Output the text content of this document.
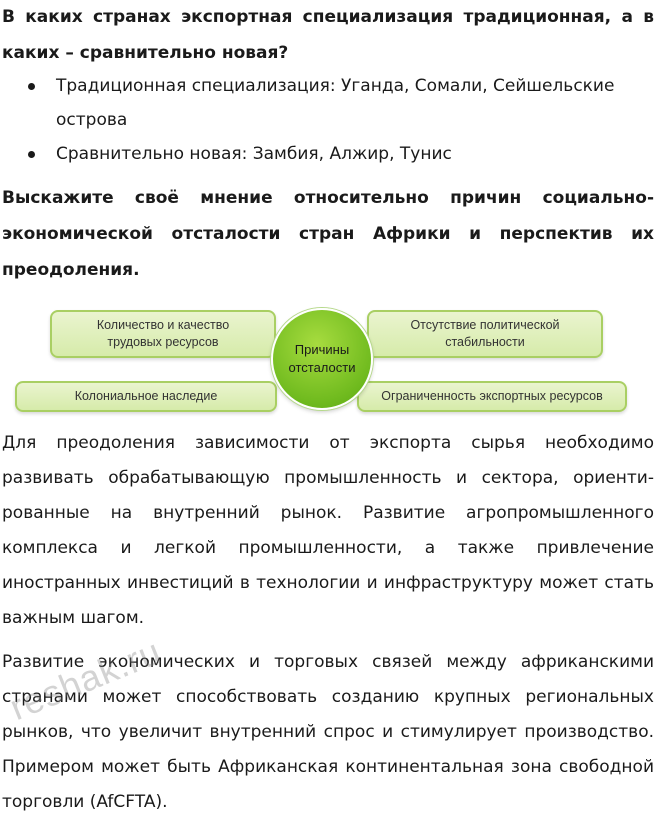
В каких странах экспортная специализация традиционная, а в каких – сравнительно новая?

Традиционная специализация: Уганда, Сомали, Сейшельские острова
Сравнительно новая: Замбия, Алжир, Тунис

Выскажите своё мнение относительно причин социально-экономической отсталости стран Африки и перспектив их преодоления.

Количество и качество трудовых ресурсов
Отсутствие политической стабильности
Колониальное наследие	Ограниченность экспортных ресурсов
Причины отсталости

Для преодоления зависимости от экспорта сырья необходимо развивать обрабатывающую промышленность и сектора, ориенти-рованные на внутренний рынок. Развитие агропромышленного комплекса и легкой промышленности, а также привлечение иностранных инвестиций в технологии и инфраструктуру может стать важным шагом.

Развитие экономических и торговых связей между африканскими странами может способствовать созданию крупных региональных рынков, что увеличит внутренний спрос и стимулирует производство. Примером может быть Африканская континентальная зона свободной торговли (AfCFTA).

reshak.ru
